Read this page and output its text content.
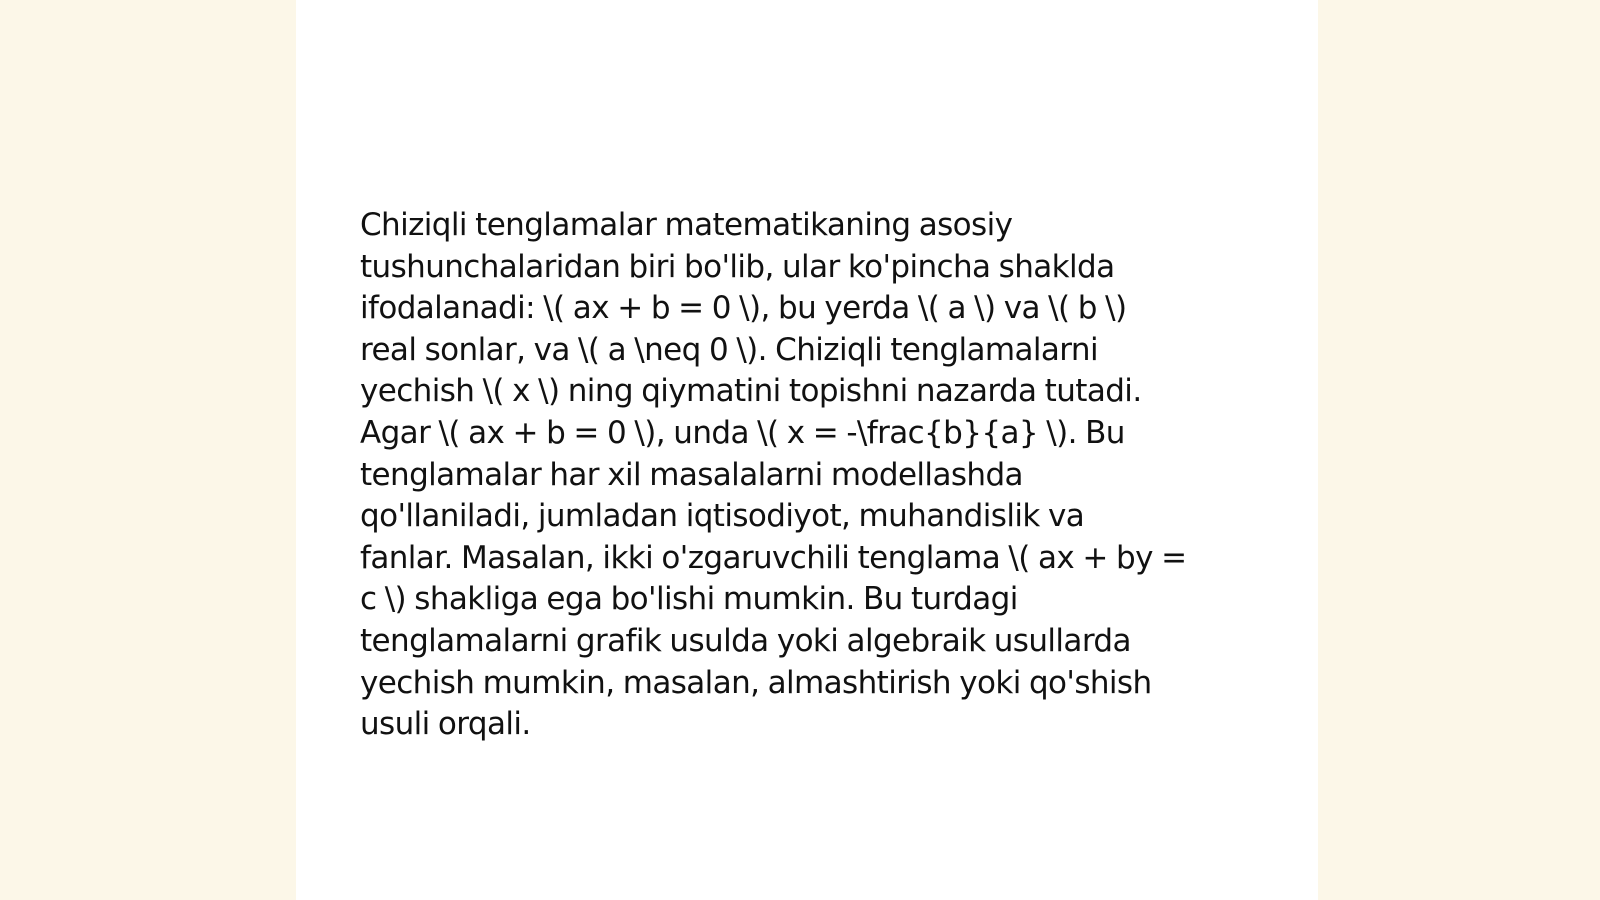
Chiziqli tenglamalar matematikaning asosiy
tushunchalaridan biri bo'lib, ular ko'pincha shaklda
ifodalanadi: \( ax + b = 0 \), bu yerda \( a \) va \( b \)
real sonlar, va \( a \neq 0 \). Chiziqli tenglamalarni
yechish \( x \) ning qiymatini topishni nazarda tutadi.
Agar \( ax + b = 0 \), unda \( x = -\frac{b}{a} \). Bu
tenglamalar har xil masalalarni modellashda
qo'llaniladi, jumladan iqtisodiyot, muhandislik va
fanlar. Masalan, ikki o'zgaruvchili tenglama \( ax + by =
c \) shakliga ega bo'lishi mumkin. Bu turdagi
tenglamalarni grafik usulda yoki algebraik usullarda
yechish mumkin, masalan, almashtirish yoki qo'shish
usuli orqali.
